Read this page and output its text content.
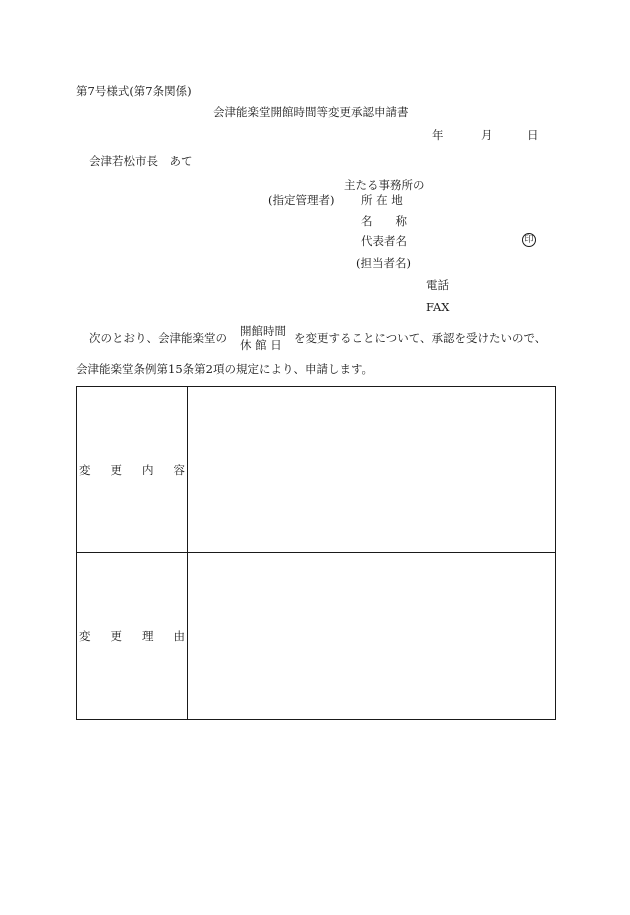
第7号様式(第7条関係)
会津能楽堂開館時間等変更承認申請書
年	月	日
会津若松市長　あて
主たる事務所の
(指定管理者) 所 在 地
名　　称
代表者名	印
(担当者名)
電話
FAX
次のとおり、会津能楽堂の 開館時間
休 館 日	を変更することについて、承認を受けたいので、
会津能楽堂条例第15条第2項の規定により、申請します。
変更内容
変更理由
